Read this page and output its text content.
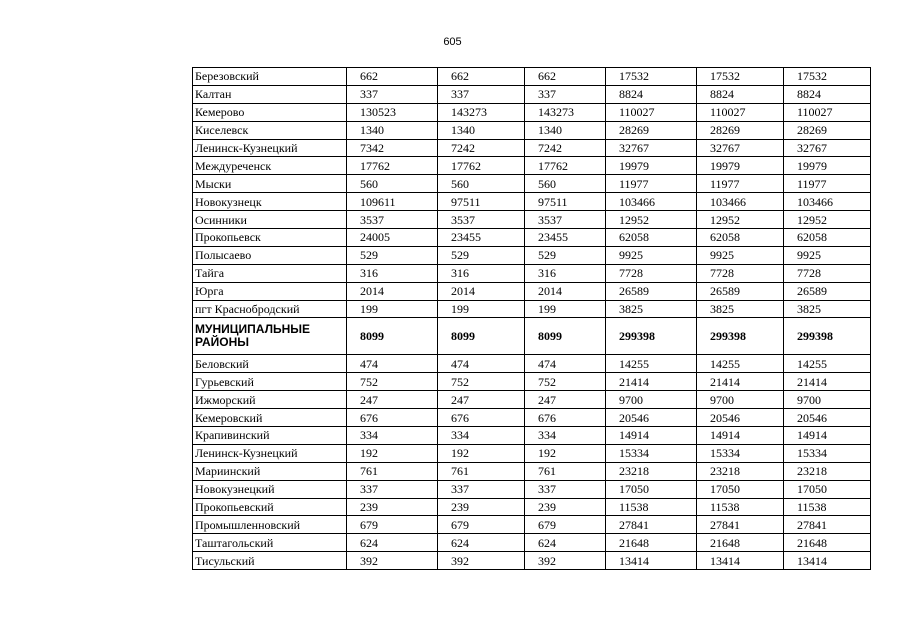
605
Березовский	662	662	662	17532	17532	17532
Калтан	337	337	337	8824	8824	8824
Кемерово	130523	143273	143273	110027	110027	110027
Киселевск	1340	1340	1340	28269	28269	28269
Ленинск-Кузнецкий	7342	7242	7242	32767	32767	32767
Междуреченск	17762	17762	17762	19979	19979	19979
Мыски	560	560	560	11977	11977	11977
Новокузнецк	109611	97511	97511	103466	103466	103466
Осинники	3537	3537	3537	12952	12952	12952
Прокопьевск	24005	23455	23455	62058	62058	62058
Полысаево	529	529	529	9925	9925	9925
Тайга	316	316	316	7728	7728	7728
Юрга	2014	2014	2014	26589	26589	26589
пгт Краснобродский	199	199	199	3825	3825	3825
МУНИЦИПАЛЬНЫЕ РАЙОНЫ	8099	8099	8099	299398	299398	299398
Беловский	474	474	474	14255	14255	14255
Гурьевский	752	752	752	21414	21414	21414
Ижморский	247	247	247	9700	9700	9700
Кемеровский	676	676	676	20546	20546	20546
Крапивинский	334	334	334	14914	14914	14914
Ленинск-Кузнецкий	192	192	192	15334	15334	15334
Мариинский	761	761	761	23218	23218	23218
Новокузнецкий	337	337	337	17050	17050	17050
Прокопьевский	239	239	239	11538	11538	11538
Промышленновский	679	679	679	27841	27841	27841
Таштагольский	624	624	624	21648	21648	21648
Тисульский	392	392	392	13414	13414	13414
